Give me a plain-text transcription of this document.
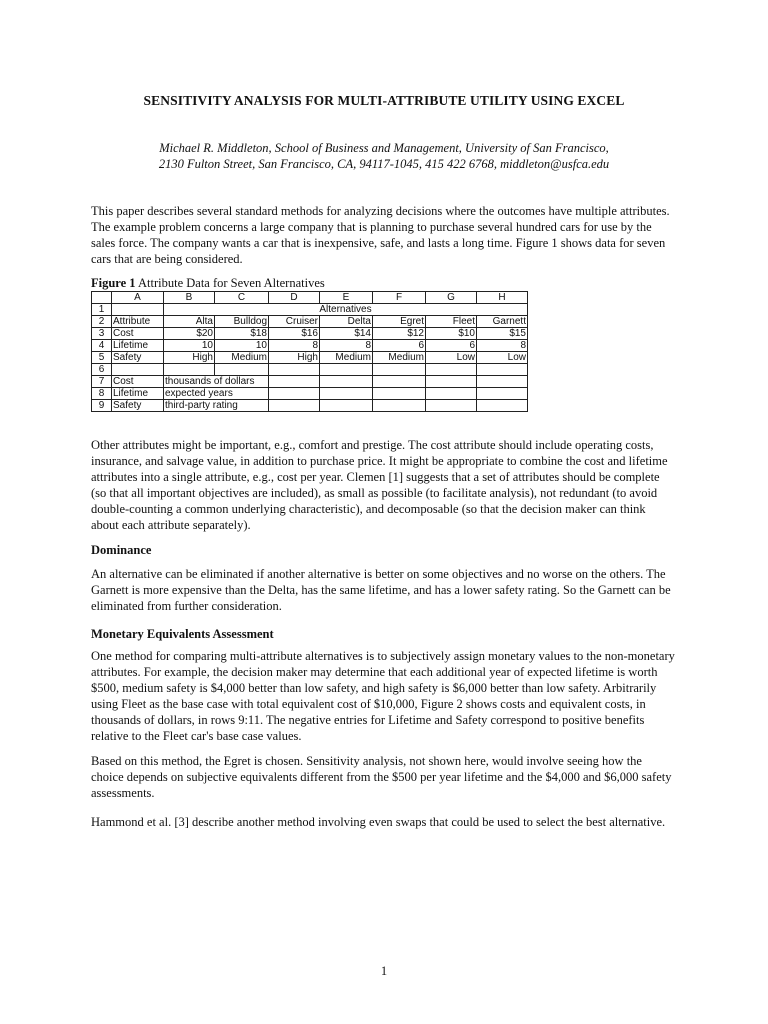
SENSITIVITY ANALYSIS FOR MULTI-ATTRIBUTE UTILITY USING EXCEL
Michael R. Middleton, School of Business and Management, University of San Francisco,
2130 Fulton Street, San Francisco, CA, 94117-1045, 415 422 6768, middleton@usfca.edu
This paper describes several standard methods for analyzing decisions where the outcomes have multiple attributes.
The example problem concerns a large company that is planning to purchase several hundred cars for use by the
sales force. The company wants a car that is inexpensive, safe, and lasts a long time. Figure 1 shows data for seven
cars that are being considered.
Figure 1 Attribute Data for Seven Alternatives
	A	B	C	D	E	F	G	H
1		Alternatives						
2	Attribute	Alta	Bulldog	Cruiser	Delta	Egret	Fleet	Garnett
3	Cost	$20	$18	$16	$14	$12	$10	$15
4	Lifetime	10	10	8	8	6	6	8
5	Safety	High	Medium	High	Medium	Medium	Low	Low
6								
7	Cost	thousands of dollars						
8	Lifetime	expected years						
9	Safety	third-party rating						
Other attributes might be important, e.g., comfort and prestige. The cost attribute should include operating costs,
insurance, and salvage value, in addition to purchase price. It might be appropriate to combine the cost and lifetime
attributes into a single attribute, e.g., cost per year. Clemen [1] suggests that a set of attributes should be complete
(so that all important objectives are included), as small as possible (to facilitate analysis), not redundant (to avoid
double-counting a common underlying characteristic), and decomposable (so that the decision maker can think
about each attribute separately).
Dominance
An alternative can be eliminated if another alternative is better on some objectives and no worse on the others. The
Garnett is more expensive than the Delta, has the same lifetime, and has a lower safety rating. So the Garnett can be
eliminated from further consideration.
Monetary Equivalents Assessment
One method for comparing multi-attribute alternatives is to subjectively assign monetary values to the non-monetary
attributes. For example, the decision maker may determine that each additional year of expected lifetime is worth
$500, medium safety is $4,000 better than low safety, and high safety is $6,000 better than low safety. Arbitrarily
using Fleet as the base case with total equivalent cost of $10,000, Figure 2 shows costs and equivalent costs, in
thousands of dollars, in rows 9:11. The negative entries for Lifetime and Safety correspond to positive benefits
relative to the Fleet car's base case values.
Based on this method, the Egret is chosen. Sensitivity analysis, not shown here, would involve seeing how the
choice depends on subjective equivalents different from the $500 per year lifetime and the $4,000 and $6,000 safety
assessments.
Hammond et al. [3] describe another method involving even swaps that could be used to select the best alternative.
1
